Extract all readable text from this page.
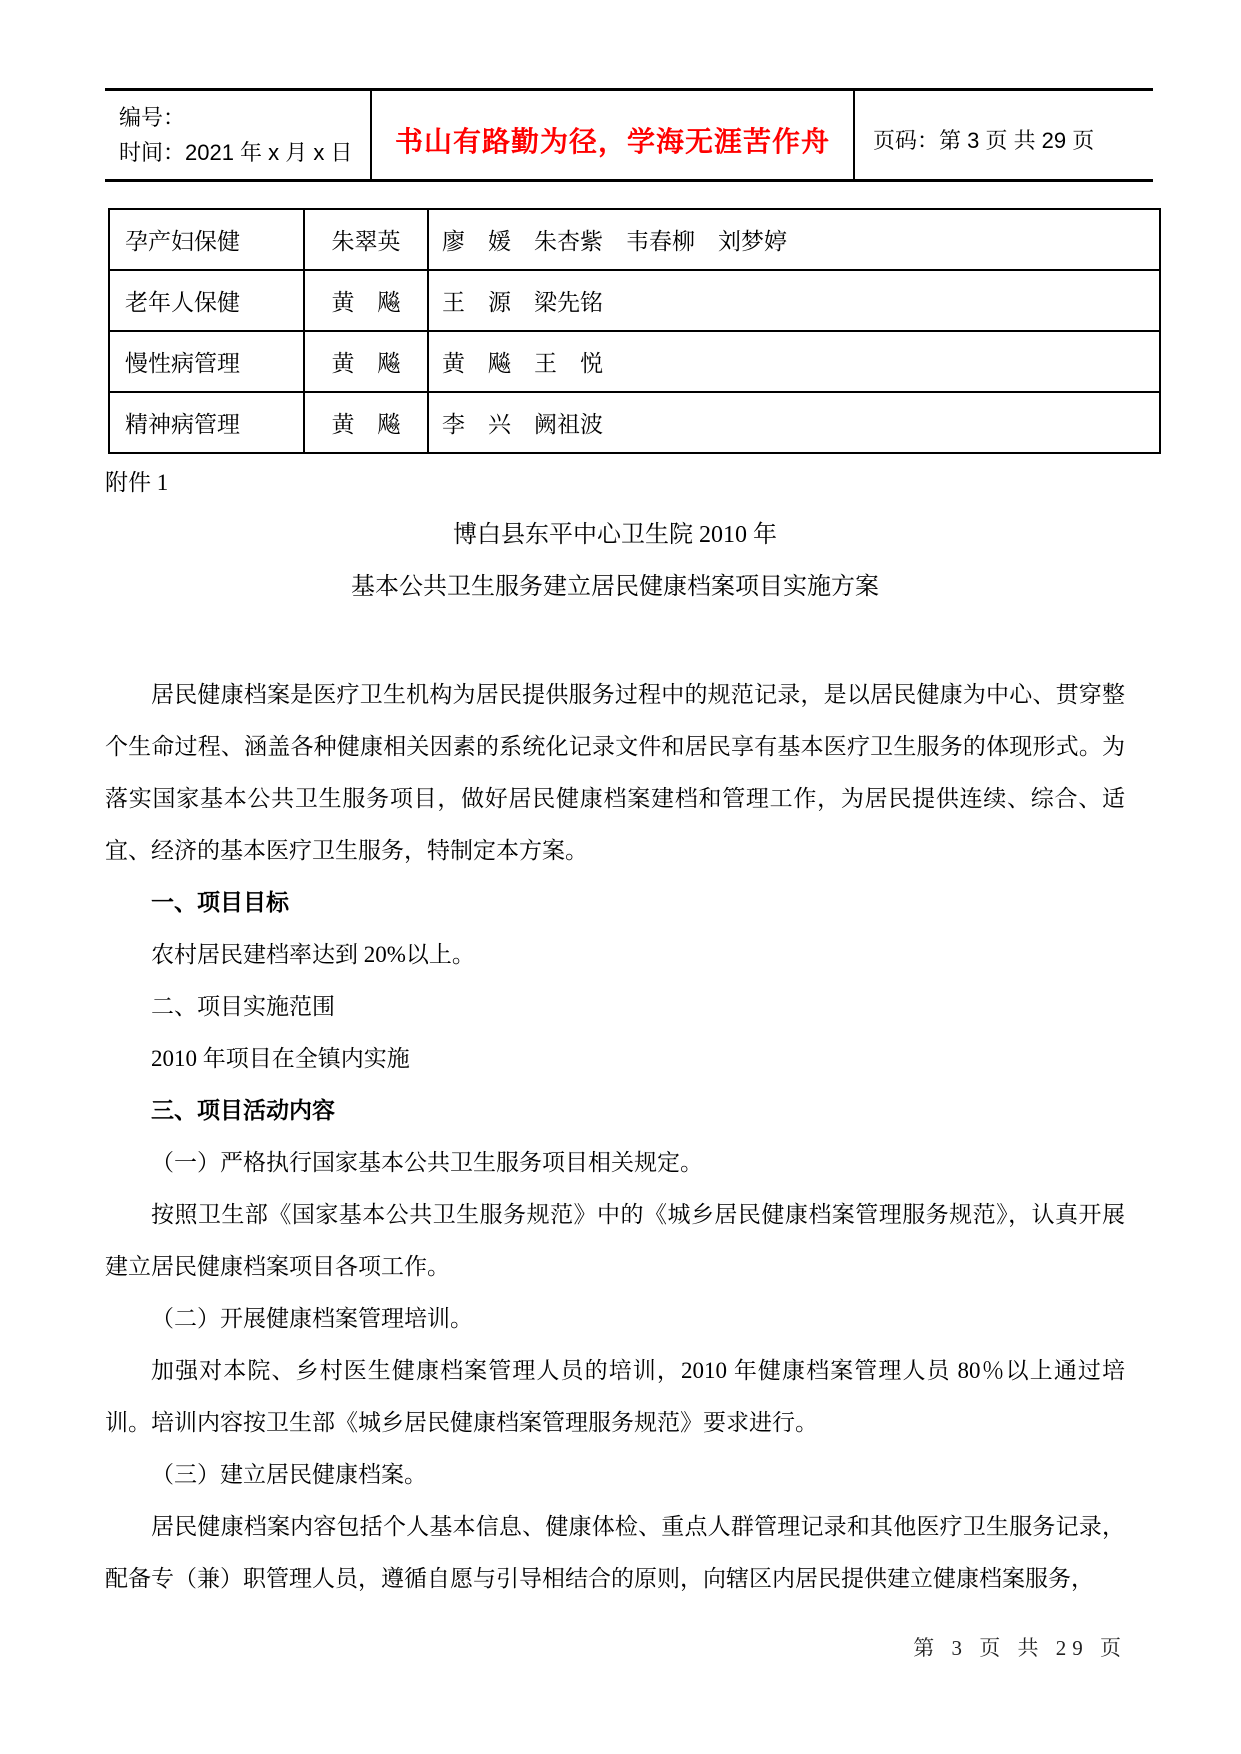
编号：
时间：2021 年 x 月 x 日	书山有路勤为径，学海无涯苦作舟 页码：第 3 页 共 29 页
孕产妇保健	朱翠英	廖　媛　朱杏紫　韦春柳　刘梦婷
老年人保健	黄　飚	王　源　梁先铭
慢性病管理	黄　飚	黄　飚　王　悦
精神病管理	黄　飚	李　兴　阙祖波
附件 1
博白县东平中心卫生院 2010 年
基本公共卫生服务建立居民健康档案项目实施方案

居民健康档案是医疗卫生机构为居民提供服务过程中的规范记录，是以居民健康为中心、贯穿整个生命过程、涵盖各种健康相关因素的系统化记录文件和居民享有基本医疗卫生服务的体现形式。为落实国家基本公共卫生服务项目，做好居民健康档案建档和管理工作，为居民提供连续、综合、适宜、经济的基本医疗卫生服务，特制定本方案。

一、项目目标

农村居民建档率达到 20%以上。

二、项目实施范围

2010 年项目在全镇内实施

三、项目活动内容

（一）严格执行国家基本公共卫生服务项目相关规定。

按照卫生部《国家基本公共卫生服务规范》中的《城乡居民健康档案管理服务规范》，认真开展建立居民健康档案项目各项工作。

（二）开展健康档案管理培训。

加强对本院、乡村医生健康档案管理人员的培训，2010 年健康档案管理人员 80％以上通过培训。培训内容按卫生部《城乡居民健康档案管理服务规范》要求进行。

（三）建立居民健康档案。

居民健康档案内容包括个人基本信息、健康体检、重点人群管理记录和其他医疗卫生服务记录，配备专（兼）职管理人员，遵循自愿与引导相结合的原则，向辖区内居民提供建立健康档案服务，

第 3 页 共 29 页
